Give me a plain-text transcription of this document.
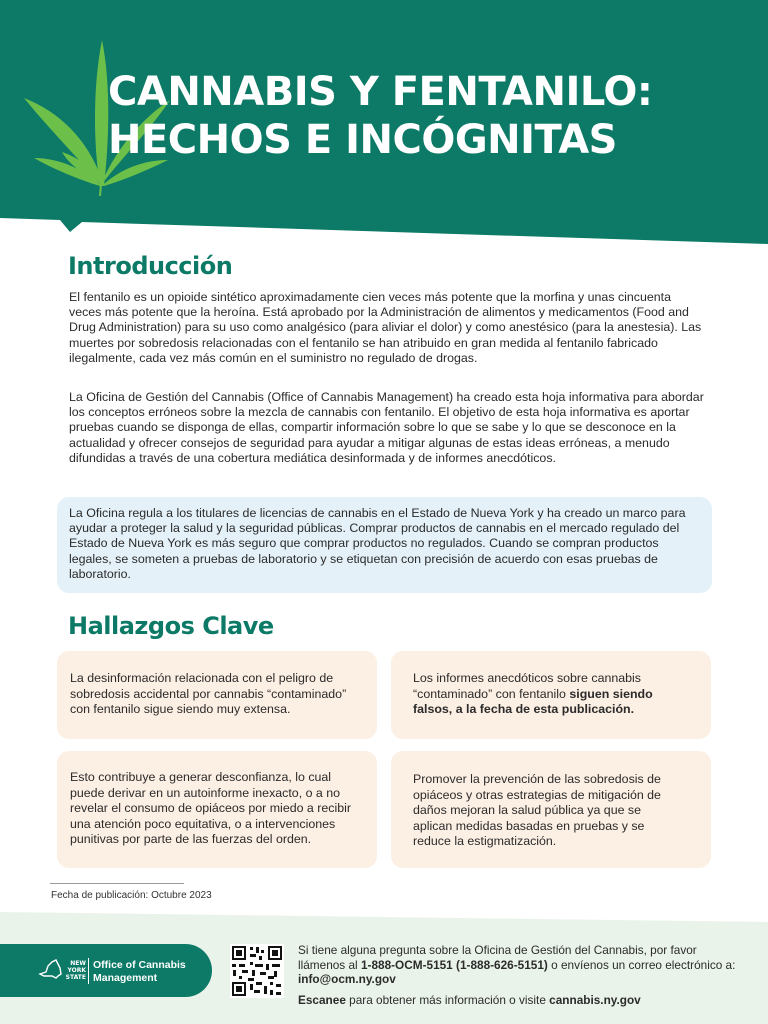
CANNABIS Y FENTANILO:
HECHOS E INCÓGNITAS
Introducción
El fentanilo es un opioide sintético aproximadamente cien veces más potente que la morfina y unas cincuenta veces más potente que la heroína. Está aprobado por la Administración de alimentos y medicamentos (Food and Drug Administration) para su uso como analgésico (para aliviar el dolor) y como anestésico (para la anestesia). Las muertes por sobredosis relacionadas con el fentanilo se han atribuido en gran medida al fentanilo fabricado ilegalmente, cada vez más común en el suministro no regulado de drogas.
La Oficina de Gestión del Cannabis (Office of Cannabis Management) ha creado esta hoja informativa para abordar los conceptos erróneos sobre la mezcla de cannabis con fentanilo. El objetivo de esta hoja informativa es aportar pruebas cuando se disponga de ellas, compartir información sobre lo que se sabe y lo que se desconoce en la actualidad y ofrecer consejos de seguridad para ayudar a mitigar algunas de estas ideas erróneas, a menudo difundidas a través de una cobertura mediática desinformada y de informes anecdóticos.

La Oficina regula a los titulares de licencias de cannabis en el Estado de Nueva York y ha creado un marco para ayudar a proteger la salud y la seguridad públicas. Comprar productos de cannabis en el mercado regulado del Estado de Nueva York es más seguro que comprar productos no regulados. Cuando se compran productos legales, se someten a pruebas de laboratorio y se etiquetan con precisión de acuerdo con esas pruebas de laboratorio.

Hallazgos Clave

La desinformación relacionada con el peligro de sobredosis accidental por cannabis “contaminado” con fentanilo sigue siendo muy extensa.

Los informes anecdóticos sobre cannabis “contaminado” con fentanilo siguen siendo falsos, a la fecha de esta publicación.

Esto contribuye a generar desconfianza, lo cual puede derivar en un autoinforme inexacto, o a no revelar el consumo de opiáceos por miedo a recibir una atención poco equitativa, o a intervenciones punitivas por parte de las fuerzas del orden.

Promover la prevención de las sobredosis de opiáceos y otras estrategias de mitigación de daños mejoran la salud pública ya que se aplican medidas basadas en pruebas y se reduce la estigmatización.

Fecha de publicación: Octubre 2023
NEW
YORK
STATE
Office of Cannabis
Management
Si tiene alguna pregunta sobre la Oficina de Gestión del Cannabis, por favor llámenos al 1-888-OCM-5151 (1-888-626-5151) o envíenos un correo electrónico a: info@ocm.ny.gov
Escanee para obtener más información o visite cannabis.ny.gov
